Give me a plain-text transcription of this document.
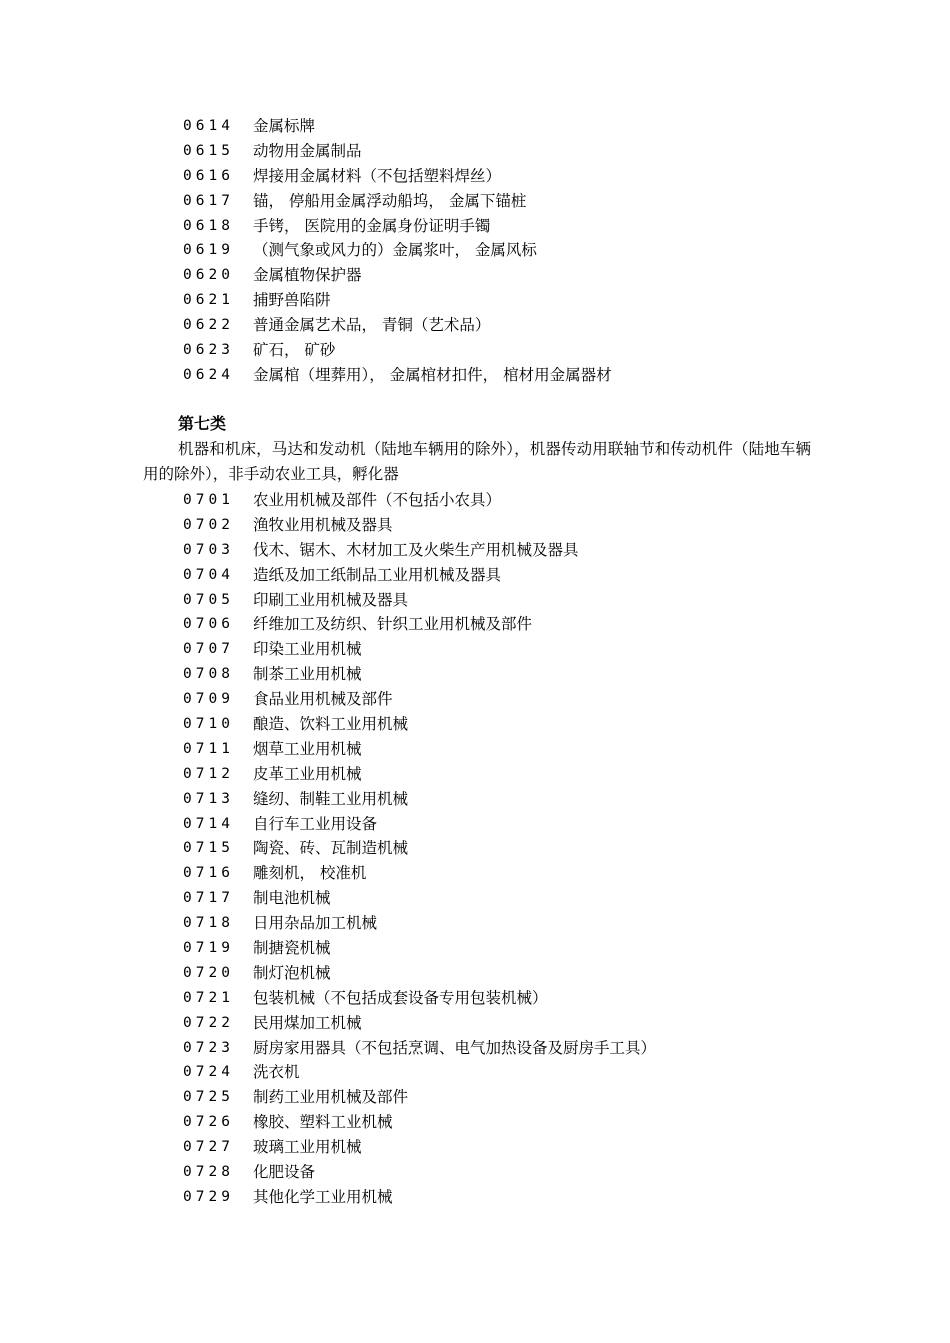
0614	金属标牌
0615	动物用金属制品
0616	焊接用金属材料（不包括塑料焊丝）
0617	锚， 停船用金属浮动船坞， 金属下锚桩
0618	手铐， 医院用的金属身份证明手镯
0619	（测气象或风力的）金属浆叶， 金属风标
0620	金属植物保护器
0621	捕野兽陷阱
0622	普通金属艺术品， 青铜（艺术品）
0623	矿石， 矿砂
0624	金属棺（埋葬用）， 金属棺材扣件， 棺材用金属器材
第七类

机器和机床，马达和发动机（陆地车辆用的除外），机器传动用联轴节和传动机件（陆地车辆用的除外），非手动农业工具，孵化器

0701	农业用机械及部件（不包括小农具）
0702	渔牧业用机械及器具
0703	伐木、锯木、木材加工及火柴生产用机械及器具
0704	造纸及加工纸制品工业用机械及器具
0705	印刷工业用机械及器具
0706	纤维加工及纺织、针织工业用机械及部件
0707	印染工业用机械
0708	制茶工业用机械
0709	食品业用机械及部件
0710	酿造、饮料工业用机械
0711	烟草工业用机械
0712	皮革工业用机械
0713	缝纫、制鞋工业用机械
0714	自行车工业用设备
0715	陶瓷、砖、瓦制造机械
0716	雕刻机， 校准机
0717	制电池机械
0718	日用杂品加工机械
0719	制搪瓷机械
0720	制灯泡机械
0721	包装机械（不包括成套设备专用包装机械）
0722	民用煤加工机械
0723	厨房家用器具（不包括烹调、电气加热设备及厨房手工具）
0724	洗衣机
0725	制药工业用机械及部件
0726	橡胶、塑料工业机械
0727	玻璃工业用机械
0728	化肥设备
0729	其他化学工业用机械
